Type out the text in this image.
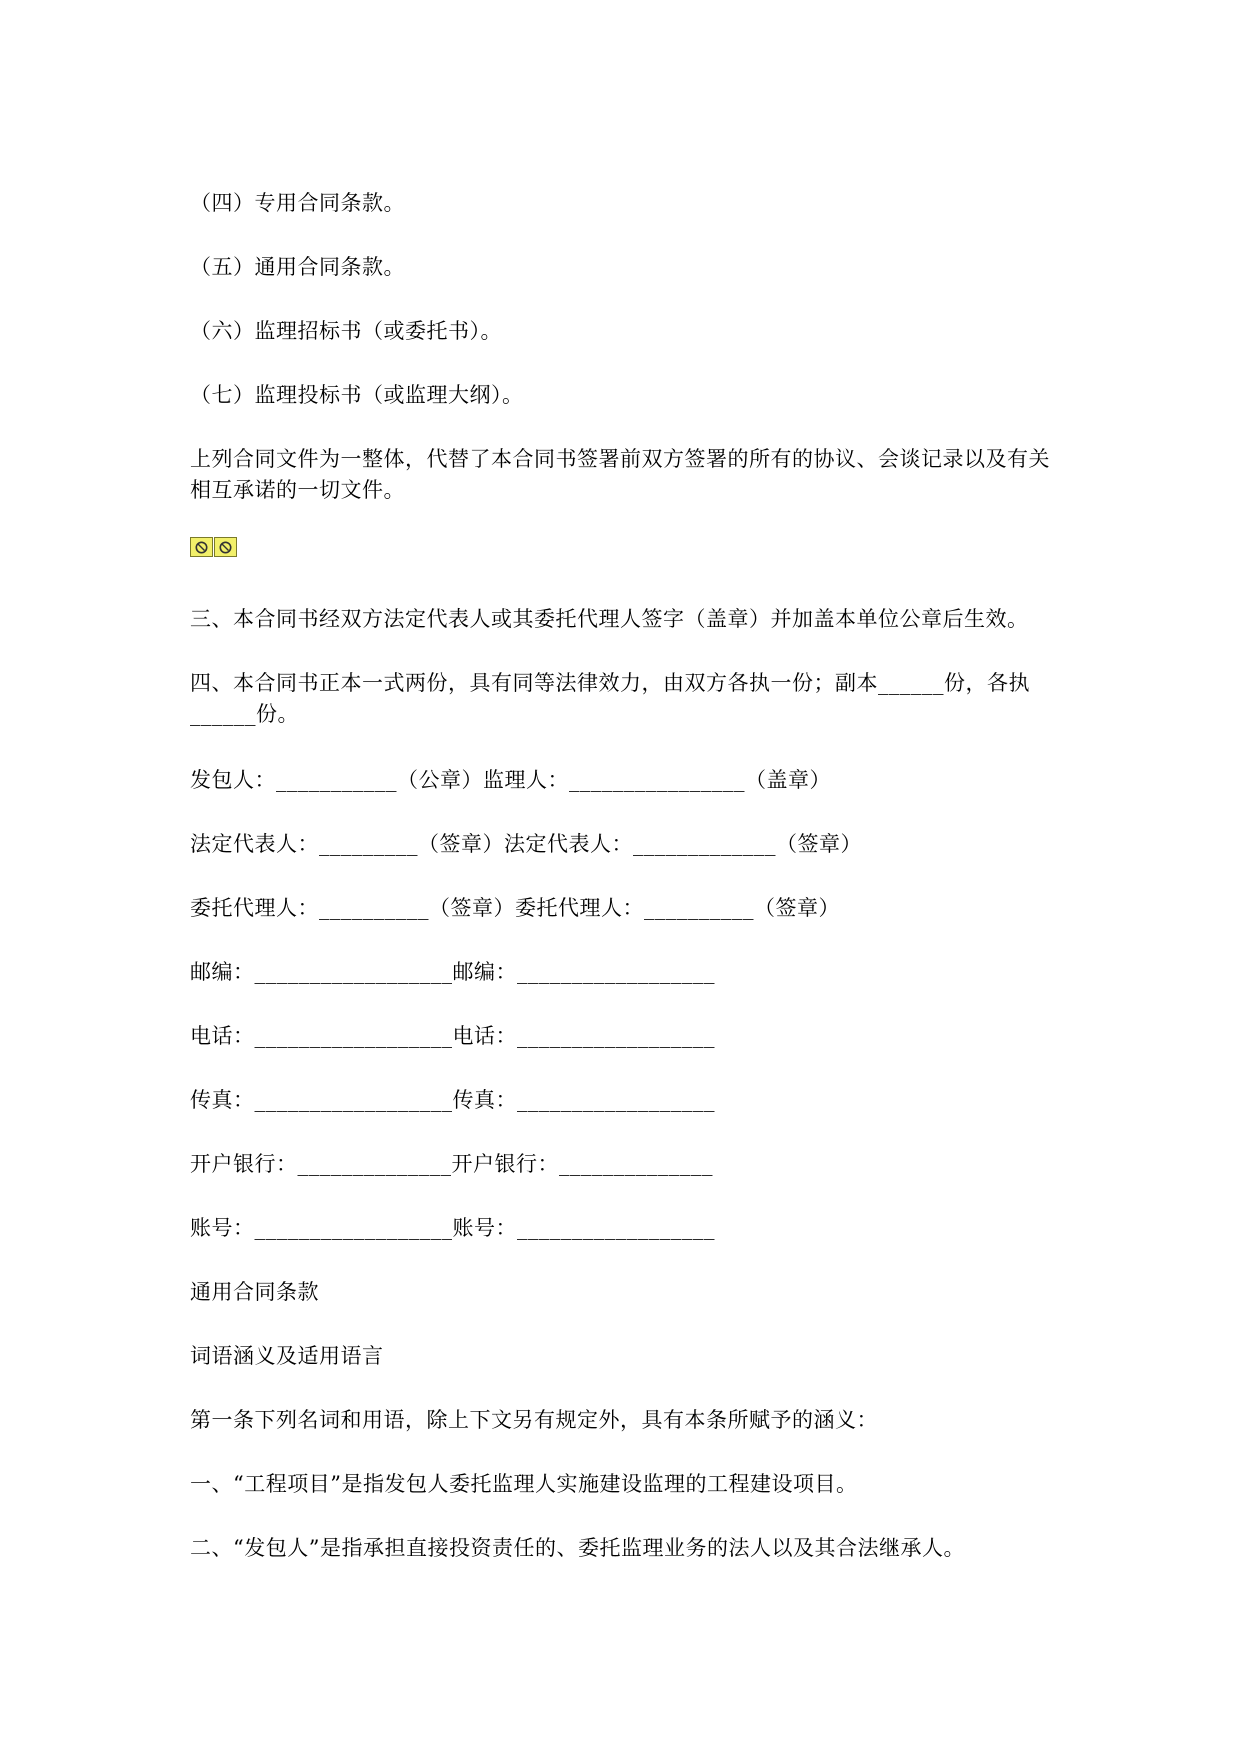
（四）专用合同条款。
（五）通用合同条款。
（六）监理招标书（或委托书）。
（七）监理投标书（或监理大纲）。
上列合同文件为一整体，代替了本合同书签署前双方签署的所有的协议、会谈记录以及有关相互承诺的一切文件。
三、本合同书经双方法定代表人或其委托代理人签字（盖章）并加盖本单位公章后生效。
四、本合同书正本一式两份，具有同等法律效力，由双方各执一份；副本______份，各执______份。
发包人：___________（公章）监理人：________________（盖章）
法定代表人：_________（签章）法定代表人：_____________（签章）
委托代理人：__________（签章）委托代理人：__________（签章）
邮编：__________________邮编：__________________
电话：__________________电话：__________________
传真：__________________传真：__________________
开户银行：______________开户银行：______________
账号：__________________账号：__________________
通用合同条款
词语涵义及适用语言
第一条下列名词和用语，除上下文另有规定外，具有本条所赋予的涵义：
一、“工程项目”是指发包人委托监理人实施建设监理的工程建设项目。
二、“发包人”是指承担直接投资责任的、委托监理业务的法人以及其合法继承人。
